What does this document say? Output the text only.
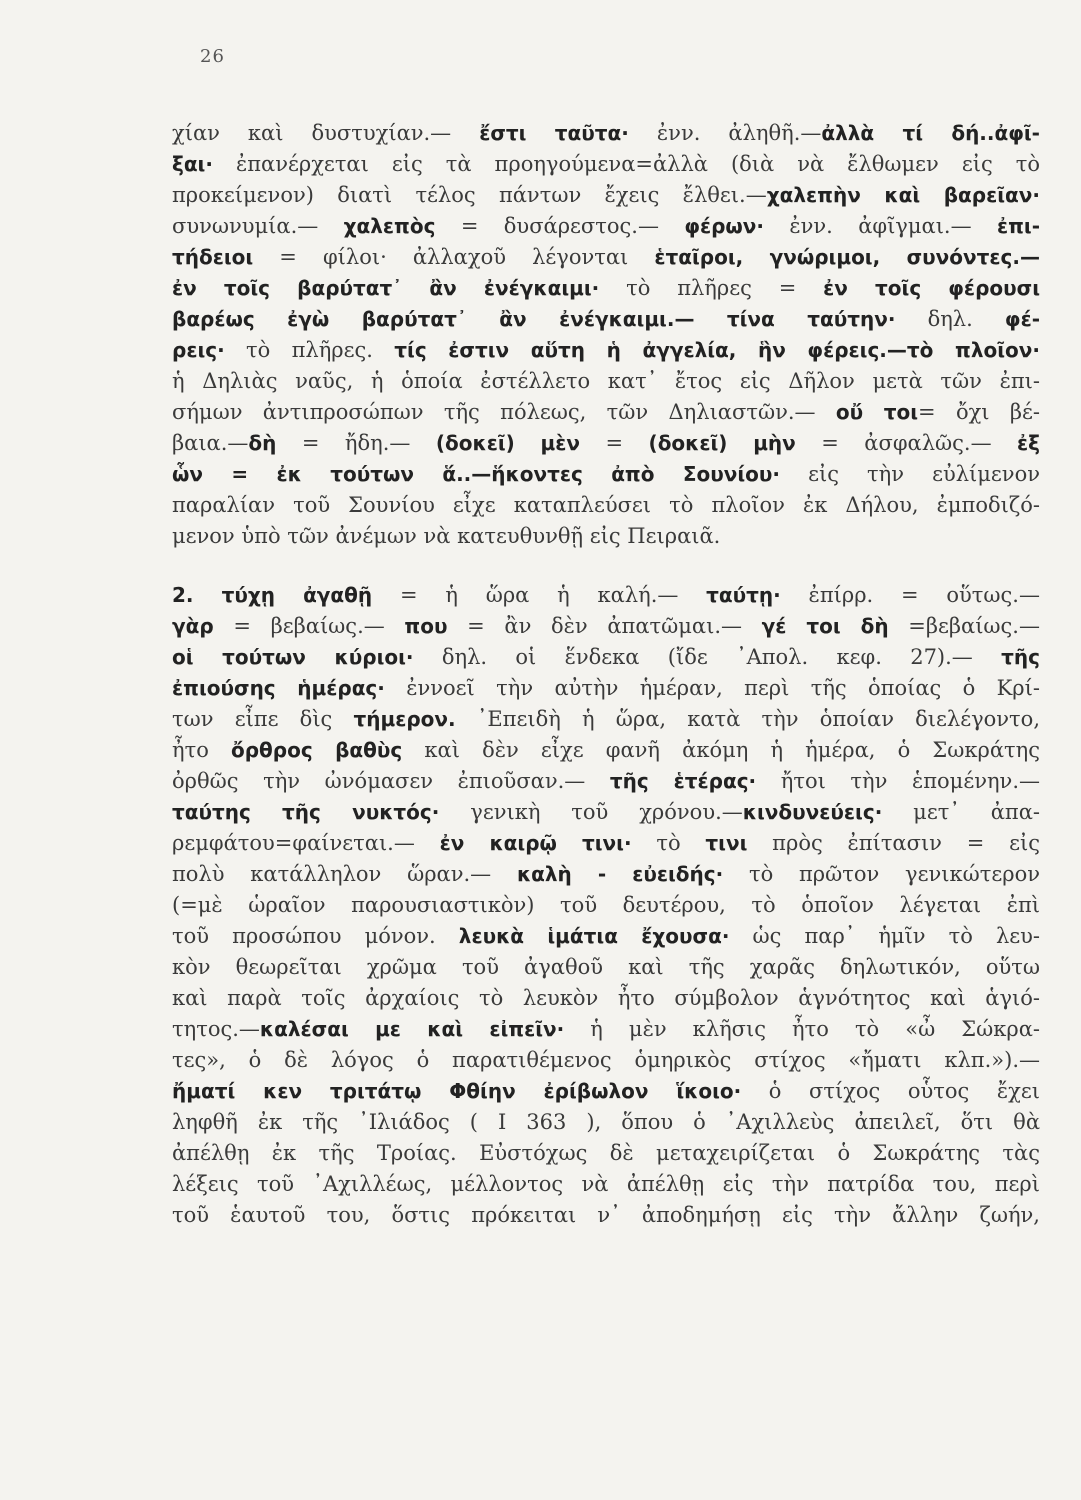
26
χίαν καὶ δυστυχίαν.— ἔστι ταῦτα· ἐνν. ἀληθῆ.—ἀλλὰ τί δή..ἀφῖ-
ξαι· ἐπανέρχεται εἰς τὰ προηγούμενα=ἀλλὰ (διὰ νὰ ἔλθωμεν εἰς τὸ
προκείμενον) διατὶ τέλος πάντων ἔχεις ἔλθει.—χαλεπὴν καὶ βαρεῖαν·
συνωνυμία.— χαλεπὸς = δυσάρεστος.— φέρων· ἐνν. ἀφῖγμαι.— ἐπι-
τήδειοι = φίλοι· ἀλλαχοῦ λέγονται ἑταῖροι, γνώριμοι, συνόντες.—
ἐν τοῖς βαρύτατ᾽ ἂν ἐνέγκαιμι· τὸ πλῆρες = ἐν τοῖς φέρουσι
βαρέως ἐγὼ βαρύτατ᾽ ἂν ἐνέγκαιμι.— τίνα ταύτην· δηλ. φέ-
ρεις· τὸ πλῆρες. τίς ἐστιν αὕτη ἡ ἀγγελία, ἣν φέρεις.—τὸ πλοῖον·
ἡ Δηλιὰς ναῦς, ἡ ὁποία ἐστέλλετο κατ᾽ ἔτος εἰς Δῆλον μετὰ τῶν ἐπι-
σήμων ἀντιπροσώπων τῆς πόλεως, τῶν Δηλιαστῶν.— οὔ τοι= ὄχι βέ-
βαια.—δὴ = ἤδη.— (δοκεῖ) μὲν = (δοκεῖ) μὴν = ἀσφαλῶς.— ἐξ
ὧν = ἐκ τούτων ἅ..—ἥκοντες ἀπὸ Σουνίου· εἰς τὴν εὐλίμενον
παραλίαν τοῦ Σουνίου εἶχε καταπλεύσει τὸ πλοῖον ἐκ Δήλου, ἐμποδιζό-
μενον ὑπὸ τῶν ἀνέμων νὰ κατευθυνθῇ εἰς Πειραιᾶ.
2. τύχῃ ἀγαθῇ = ἡ ὥρα ἡ καλή.— ταύτῃ· ἐπίρρ. = οὕτως.—
γὰρ = βεβαίως.— που = ἂν δὲν ἀπατῶμαι.— γέ τοι δὴ =βεβαίως.—
οἱ τούτων κύριοι· δηλ. οἱ ἕνδεκα (ἴδε ᾽Απολ. κεφ. 27).— τῆς
ἐπιούσης ἡμέρας· ἐννοεῖ τὴν αὐτὴν ἡμέραν, περὶ τῆς ὁποίας ὁ Κρί-
των εἶπε δὶς τήμερον. ᾽Επειδὴ ἡ ὥρα, κατὰ τὴν ὁποίαν διελέγοντο,
ἦτο ὄρθρος βαθὺς καὶ δὲν εἶχε φανῆ ἀκόμη ἡ ἡμέρα, ὁ Σωκράτης
ὀρθῶς τὴν ὠνόμασεν ἐπιοῦσαν.— τῆς ἑτέρας· ἤτοι τὴν ἑπομένην.—
ταύτης τῆς νυκτός· γενικὴ τοῦ χρόνου.—κινδυνεύεις· μετ᾽ ἀπα-
ρεμφάτου=φαίνεται.— ἐν καιρῷ τινι· τὸ τινι πρὸς ἐπίτασιν = εἰς
πολὺ κατάλληλον ὥραν.— καλὴ - εὐειδής· τὸ πρῶτον γενικώτερον
(=μὲ ὡραῖον παρουσιαστικὸν) τοῦ δευτέρου, τὸ ὁποῖον λέγεται ἐπὶ
τοῦ προσώπου μόνον. λευκὰ ἱμάτια ἔχουσα· ὡς παρ᾽ ἡμῖν τὸ λευ-
κὸν θεωρεῖται χρῶμα τοῦ ἀγαθοῦ καὶ τῆς χαρᾶς δηλωτικόν, οὕτω
καὶ παρὰ τοῖς ἀρχαίοις τὸ λευκὸν ἦτο σύμβολον ἁγνότητος καὶ ἁγιό-
τητος.—καλέσαι με καὶ εἰπεῖν· ἡ μὲν κλῆσις ἦτο τὸ «ὦ Σώκρα-
τες», ὁ δὲ λόγος ὁ παρατιθέμενος ὁμηρικὸς στίχος «ἤματι κλπ.»).—
ἤματί κεν τριτάτῳ Φθίην ἐρίβωλον ἵκοιο· ὁ στίχος οὗτος ἔχει
ληφθῆ ἐκ τῆς ᾽Ιλιάδος ( Ι 363 ), ὅπου ὁ ᾽Αχιλλεὺς ἀπειλεῖ, ὅτι θὰ
ἀπέλθῃ ἐκ τῆς Τροίας. Εὐστόχως δὲ μεταχειρίζεται ὁ Σωκράτης τὰς
λέξεις τοῦ ᾽Αχιλλέως, μέλλοντος νὰ ἀπέλθῃ εἰς τὴν πατρίδα του, περὶ
τοῦ ἑαυτοῦ του, ὅστις πρόκειται ν᾽ ἀποδημήσῃ εἰς τὴν ἄλλην ζωήν,
